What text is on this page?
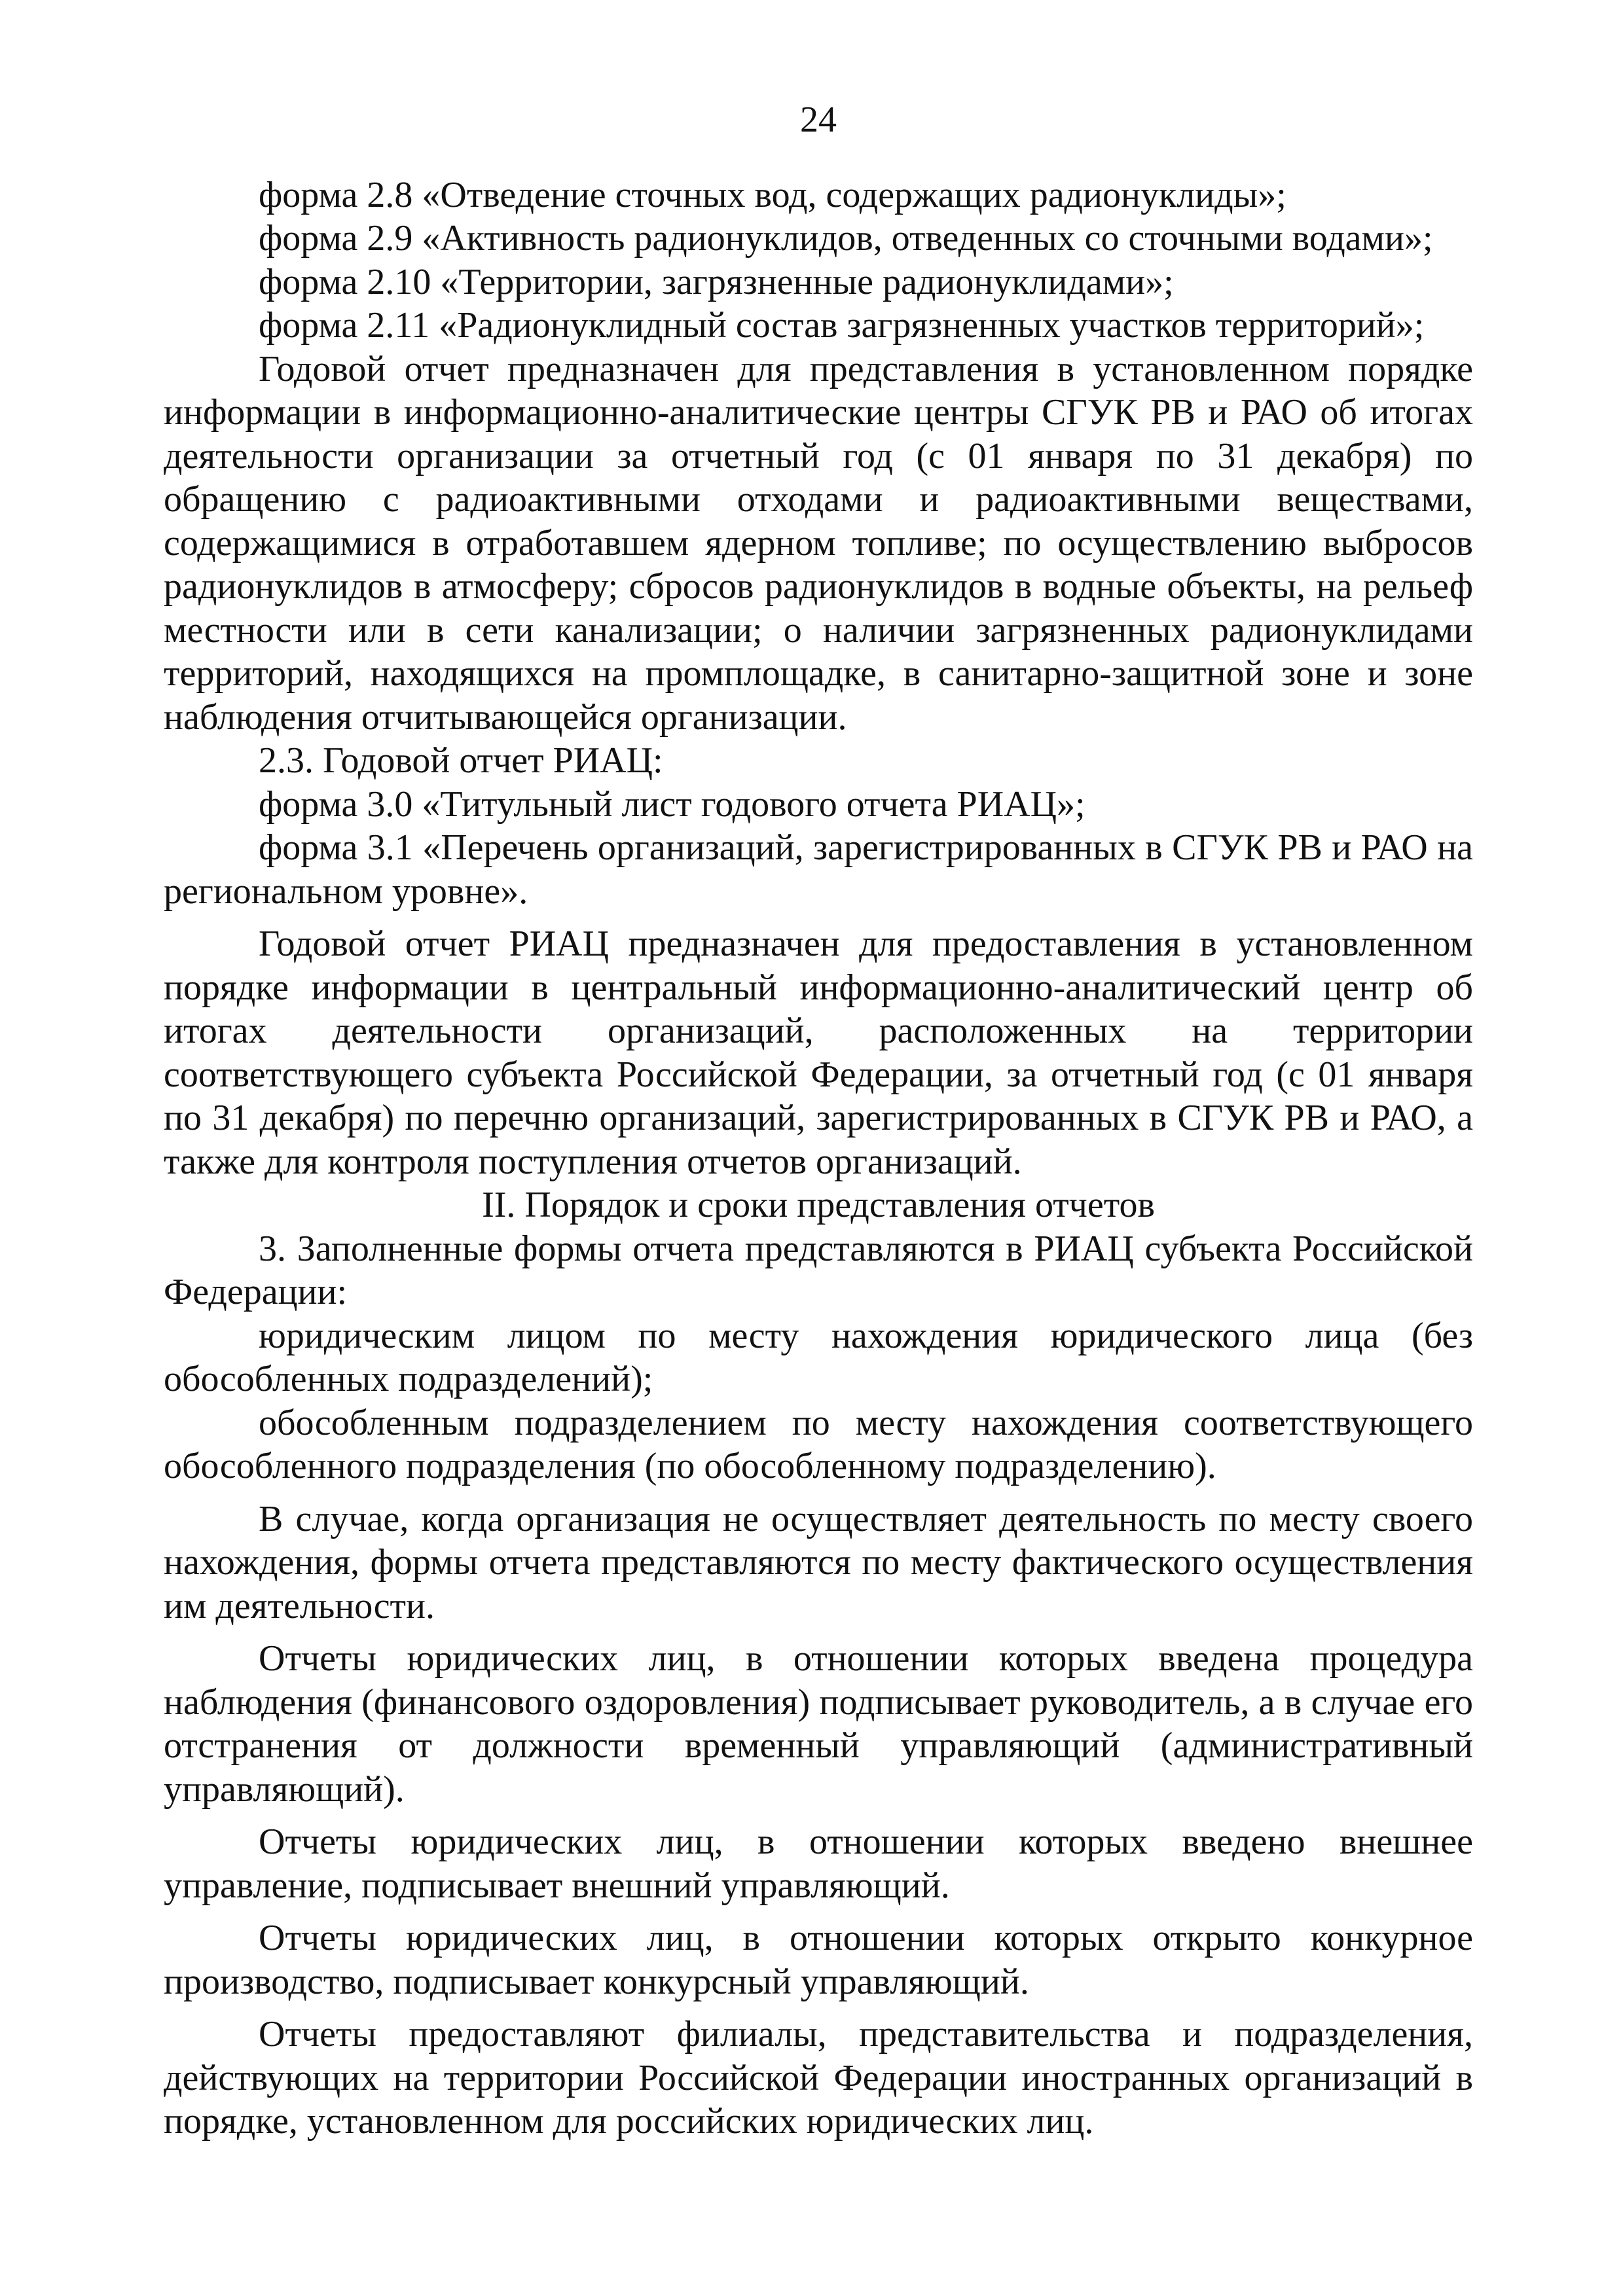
24

форма 2.8 «Отведение сточных вод, содержащих радионуклиды»;

форма 2.9 «Активность радионуклидов, отведенных со сточными водами»;

форма 2.10 «Территории, загрязненные радионуклидами»;

форма 2.11 «Радионуклидный состав загрязненных участков территорий»;

Годовой отчет предназначен для представления в установленном порядке информации в информационно-аналитические центры СГУК РВ и РАО об итогах деятельности организации за отчетный год (с 01 января по 31 декабря) по обращению с радиоактивными отходами и радиоактивными веществами, содержащимися в отработавшем ядерном топливе; по осуществлению выбросов радионуклидов в атмосферу; сбросов радионуклидов в водные объекты, на рельеф местности или в сети канализации; о наличии загрязненных радионуклидами территорий, находящихся на промплощадке, в санитарно-защитной зоне и зоне наблюдения отчитывающейся организации.

2.3. Годовой отчет РИАЦ:

форма 3.0 «Титульный лист годового отчета РИАЦ»;

форма 3.1 «Перечень организаций, зарегистрированных в СГУК РВ и РАО на региональном уровне».

Годовой отчет РИАЦ предназначен для предоставления в установленном порядке информации в центральный информационно-аналитический центр об итогах деятельности организаций, расположенных на территории соответствующего субъекта Российской Федерации, за отчетный год (с 01 января по 31 декабря) по перечню организаций, зарегистрированных в СГУК РВ и РАО, а также для контроля поступления отчетов организаций.

II. Порядок и сроки представления отчетов

3. Заполненные формы отчета представляются в РИАЦ субъекта Российской Федерации:

юридическим лицом по месту нахождения юридического лица (без обособленных подразделений);

обособленным подразделением по месту нахождения соответствующего обособленного подразделения (по обособленному подразделению).

В случае, когда организация не осуществляет деятельность по месту своего нахождения, формы отчета представляются по месту фактического осуществления им деятельности.

Отчеты юридических лиц, в отношении которых введена процедура наблюдения (финансового оздоровления) подписывает руководитель, а в случае его отстранения от должности временный управляющий (административный управляющий).

Отчеты юридических лиц, в отношении которых введено внешнее управление, подписывает внешний управляющий.

Отчеты юридических лиц, в отношении которых открыто конкурное производство, подписывает конкурсный управляющий.

Отчеты предоставляют филиалы, представительства и подразделения, действующих на территории Российской Федерации иностранных организаций в порядке, установленном для российских юридических лиц.
